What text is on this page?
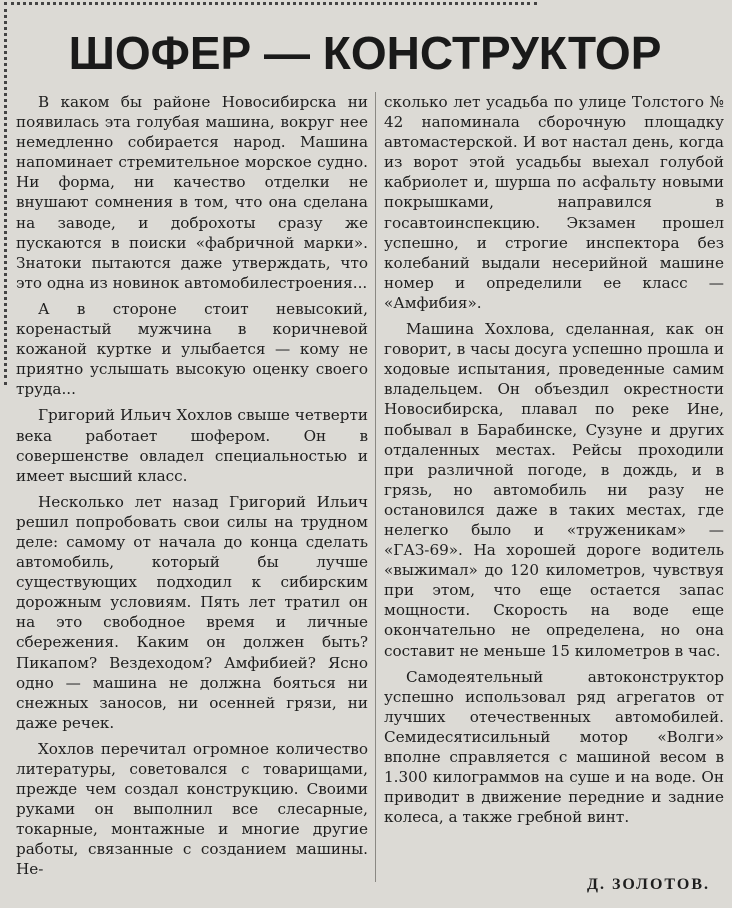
ШОФЕР — КОНСТРУКТОР

В каком бы районе Новосибирска ни появилась эта голубая машина, вокруг нее немедленно собирается народ. Машина напоминает стремительное морское судно. Ни форма, ни качество отделки не внушают сомнения в том, что она сделана на заводе, и доброхоты сразу же пускаются в поиски «фабричной марки». Знатоки пытаются даже утверждать, что это одна из новинок автомобилестроения...

А в стороне стоит невысокий, коренастый мужчина в коричневой кожаной куртке и улыбается — кому не приятно услышать высокую оценку своего труда...

Григорий Ильич Хохлов свыше четверти века работает шофером. Он в совершенстве овладел специальностью и имеет высший класс.

Несколько лет назад Григорий Ильич решил попробовать свои силы на трудном деле: самому от начала до конца сделать автомобиль, который бы лучше существующих подходил к сибирским дорожным условиям. Пять лет тратил он на это свободное время и личные сбережения. Каким он должен быть? Пикапом? Вездеходом? Амфибией? Ясно одно — машина не должна бояться ни снежных заносов, ни осенней грязи, ни даже речек.

Хохлов перечитал огромное количество литературы, советовался с товарищами, прежде чем создал конструкцию. Своими руками он выполнил все слесарные, токарные, монтажные и многие другие работы, связанные с созданием машины. Не-

сколько лет усадьба по улице Толстого № 42 напоминала сборочную площадку автомастерской. И вот настал день, когда из ворот этой усадьбы выехал голубой кабриолет и, шурша по асфальту новыми покрышками, направился в госавтоинспекцию. Экзамен прошел успешно, и строгие инспектора без колебаний выдали несерийной машине номер и определили ее класс — «Амфибия».

Машина Хохлова, сделанная, как он говорит, в часы досуга успешно прошла и ходовые испытания, проведенные самим владельцем. Он объездил окрестности Новосибирска, плавал по реке Ине, побывал в Барабинске, Сузуне и других отдаленных местах. Рейсы проходили при различной погоде, в дождь, и в грязь, но автомобиль ни разу не остановился даже в таких местах, где нелегко было и «труженикам» — «ГАЗ-69». На хорошей дороге водитель «выжимал» до 120 километров, чувствуя при этом, что еще остается запас мощности. Скорость на воде еще окончательно не определена, но она составит не меньше 15 километров в час.

Самодеятельный автоконструктор успешно использовал ряд агрегатов от лучших отечественных автомобилей. Семидесятисильный мотор «Волги» вполне справляется с машиной весом в 1.300 килограммов на суше и на воде. Он приводит в движение передние и задние колеса, а также гребной винт.

Д. ЗОЛОТОВ.
